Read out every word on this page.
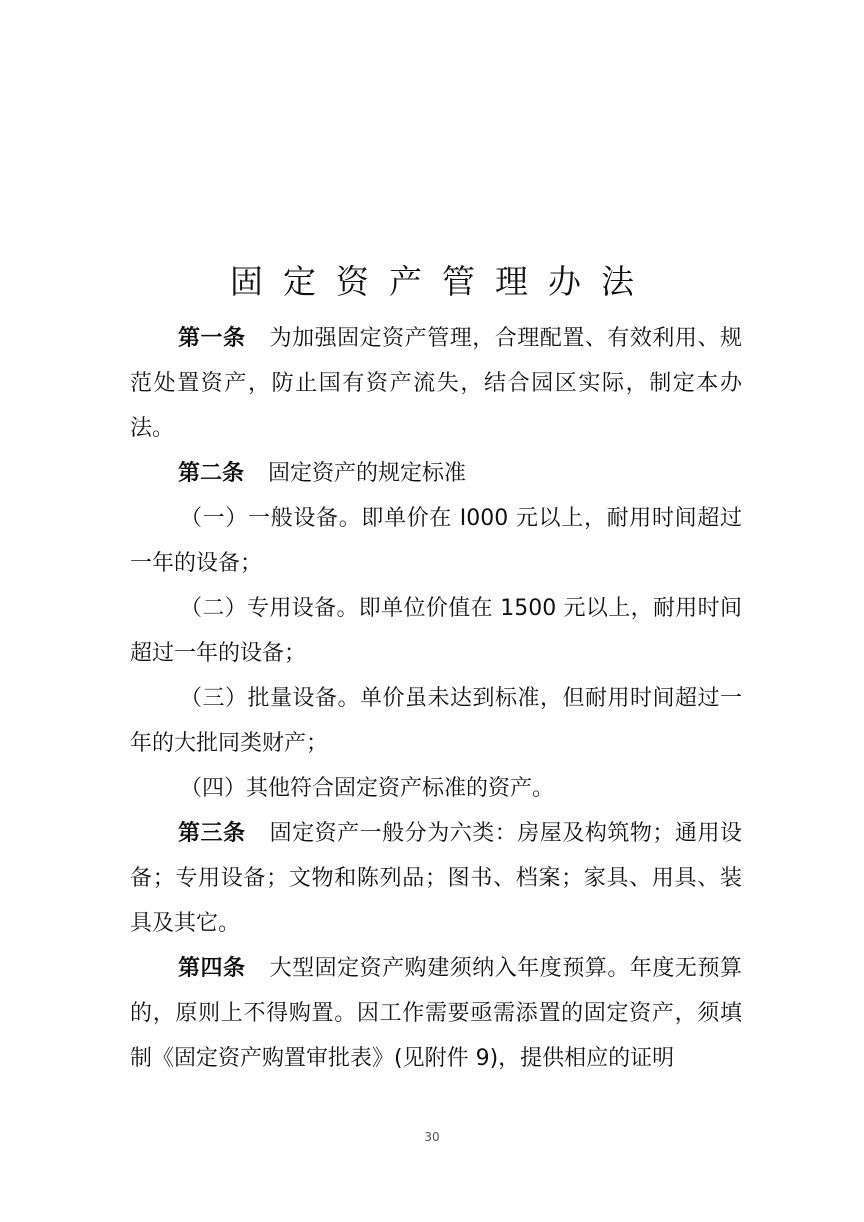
固定资产管理办法

第一条 为加强固定资产管理，合理配置、有效利用、规范处置资产，防止国有资产流失，结合园区实际，制定本办法。

第二条 固定资产的规定标准

（一）一般设备。即单价在 I000 元以上，耐用时间超过一年的设备；

（二）专用设备。即单位价值在 1500 元以上，耐用时间超过一年的设备；

（三）批量设备。单价虽未达到标准，但耐用时间超过一年的大批同类财产；

（四）其他符合固定资产标准的资产。

第三条 固定资产一般分为六类：房屋及构筑物；通用设备；专用设备；文物和陈列品；图书、档案；家具、用具、装具及其它。

第四条 大型固定资产购建须纳入年度预算。年度无预算的，原则上不得购置。因工作需要亟需添置的固定资产，须填制《固定资产购置审批表》(见附件 9)，提供相应的证明

30
